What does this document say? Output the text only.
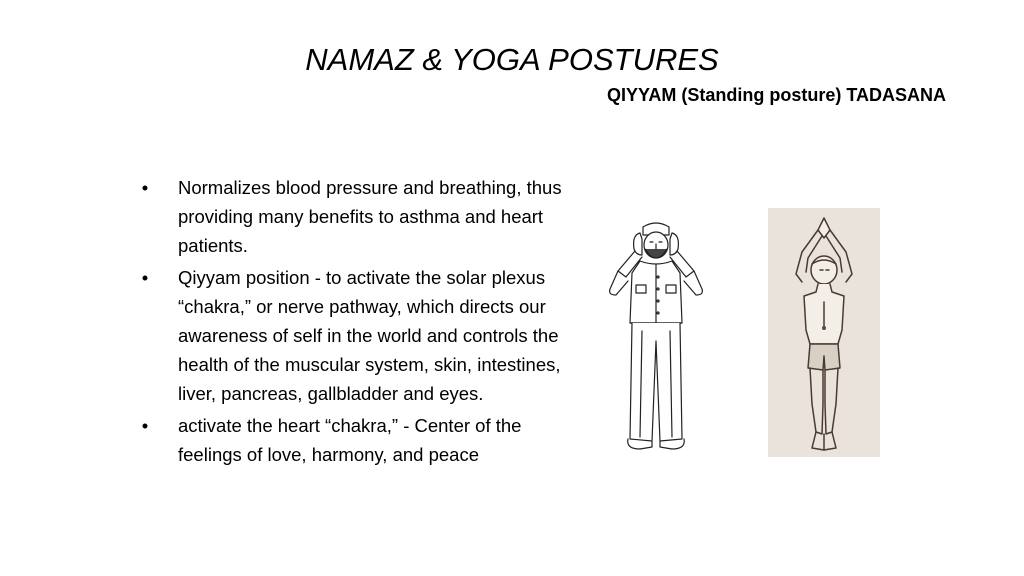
NAMAZ & YOGA POSTURES
QIYYAM (Standing posture) TADASANA
• Normalizes blood pressure and breathing, thus providing many benefits to asthma and heart patients.
• Qiyyam position - to activate the solar plexus “chakra,” or nerve pathway, which directs our awareness of self in the world and controls the health of the muscular system, skin, intestines, liver, pancreas, gallbladder and eyes.
• activate the heart “chakra,” - Center of the feelings of love, harmony, and peace
